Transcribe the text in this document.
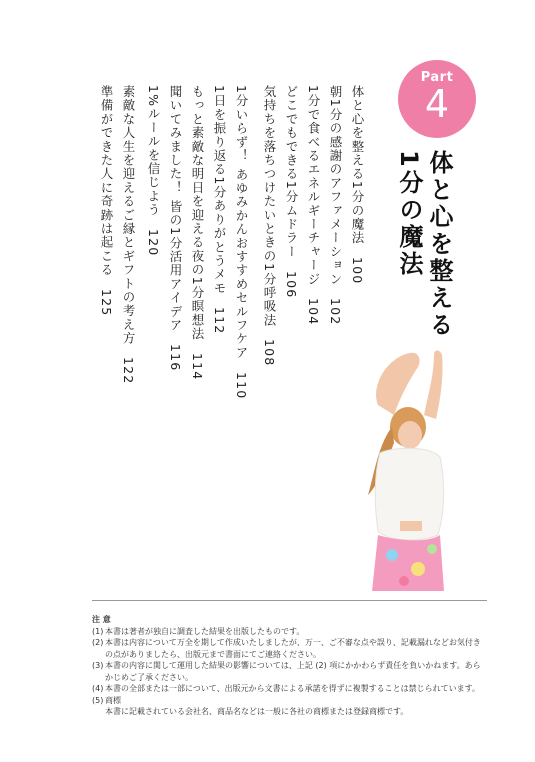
Part
4
体と心を整える
1分の魔法
体と心を整える1分の魔法100
朝1分の感謝のアファメーション102
1分で食べるエネルギーチャージ104
どこでもできる1分ムドラー106
気持ちを落ちつけたいときの1分呼吸法108
1分いらず！ あゆみかんおすすめセルフケア110
1日を振り返る1分ありがとうメモ112
もっと素敵な明日を迎える夜の1分瞑想法114
聞いてみました！ 皆の1分活用アイデア116
1%ルールを信じよう120
素敵な人生を迎えるご縁とギフトの考え方122
準備ができた人に奇跡は起こる125
注 意
(1) 本書は著者が独自に調査した結果を出版したものです。
(2) 本書は内容について万全を期して作成いたしましたが、万一、ご不審な点や誤り、記載漏れなどお気付きの点がありましたら、出版元まで書面にてご連絡ください。
(3) 本書の内容に関して運用した結果の影響については、上記 (2) 項にかかわらず責任を負いかねます。あらかじめご了承ください。
(4) 本書の全部または一部について、出版元から文書による承諾を得ずに複製することは禁じられています。
(5) 商標
本書に記載されている会社名、商品名などは一般に各社の商標または登録商標です。
